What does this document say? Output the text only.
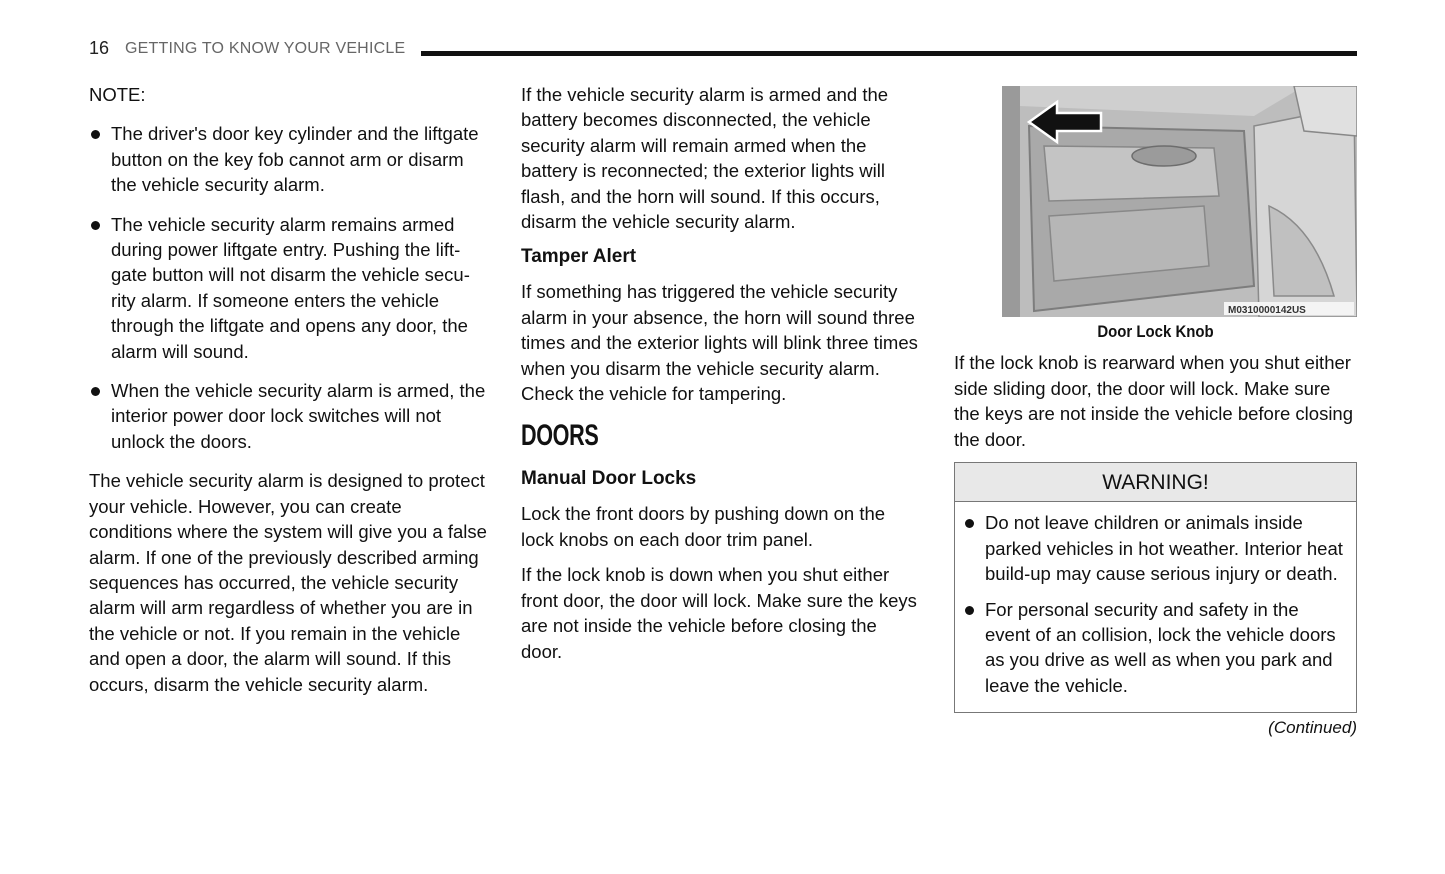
16 GETTING TO KNOW YOUR VEHICLE

NOTE:

The driver's door key cylinder and the liftgate button on the key fob cannot arm or disarm the vehicle security alarm.
The vehicle security alarm remains armed during power liftgate entry. Pushing the lift-gate button will not disarm the vehicle secu-rity alarm. If someone enters the vehicle through the liftgate and opens any door, the alarm will sound.
When the vehicle security alarm is armed, the interior power door lock switches will not unlock the doors.

The vehicle security alarm is designed to protect your vehicle. However, you can create conditions where the system will give you a false alarm. If one of the previously described arming sequences has occurred, the vehicle security alarm will arm regardless of whether you are in the vehicle or not. If you remain in the vehicle and open a door, the alarm will sound. If this occurs, disarm the vehicle security alarm.

If the vehicle security alarm is armed and the battery becomes disconnected, the vehicle security alarm will remain armed when the battery is reconnected; the exterior lights will flash, and the horn will sound. If this occurs, disarm the vehicle security alarm.

Tamper Alert

If something has triggered the vehicle security alarm in your absence, the horn will sound three times and the exterior lights will blink three times when you disarm the vehicle security alarm. Check the vehicle for tampering.

DOORS
Manual Door Locks

Lock the front doors by pushing down on the lock knobs on each door trim panel.

If the lock knob is down when you shut either front door, the door will lock. Make sure the keys are not inside the vehicle before closing the door.

M0310000142US
Door Lock Knob

If the lock knob is rearward when you shut either side sliding door, the door will lock. Make sure the keys are not inside the vehicle before closing the door.

WARNING!
Do not leave children or animals inside parked vehicles in hot weather. Interior heat build-up may cause serious injury or death.
For personal security and safety in the event of an collision, lock the vehicle doors as you drive as well as when you park and leave the vehicle.
(Continued)
